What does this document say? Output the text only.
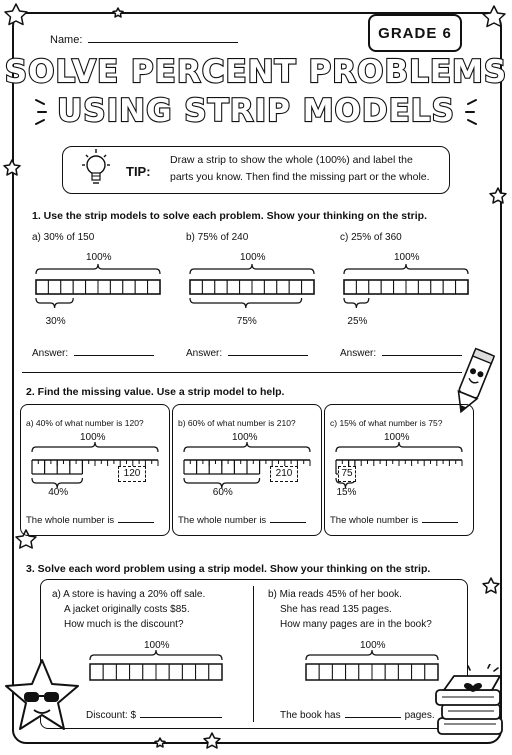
Name:	GRADE 6
SOLVE PERCENT PROBLEMS
USING STRIP MODELS
TIP:
Draw a strip to show the whole (100%) and label the
parts you know. Then find the missing part or the whole.
1. Use the strip models to solve each problem. Show your thinking on the strip.
a) 30% of 150
100%
30%
Answer:
b) 75% of 240
100%
75%
Answer:
c) 25% of 360
100%
25%
Answer:
2. Find the missing value. Use a strip model to help.
a) 40% of what number is 120?
100%
120
40%
The whole number is
b) 60% of what number is 210?
100%
210
60%
The whole number is
c) 15% of what number is 75?
100%
75
15%
The whole number is
3. Solve each word problem using a strip model. Show your thinking on the strip.
a) A store is having a 20% off sale.
A jacket originally costs $85.
How much is the discount?
100%
Discount: $
b) Mia reads 45% of her book.
She has read 135 pages.
How many pages are in the book?
100%
The book has	pages.
